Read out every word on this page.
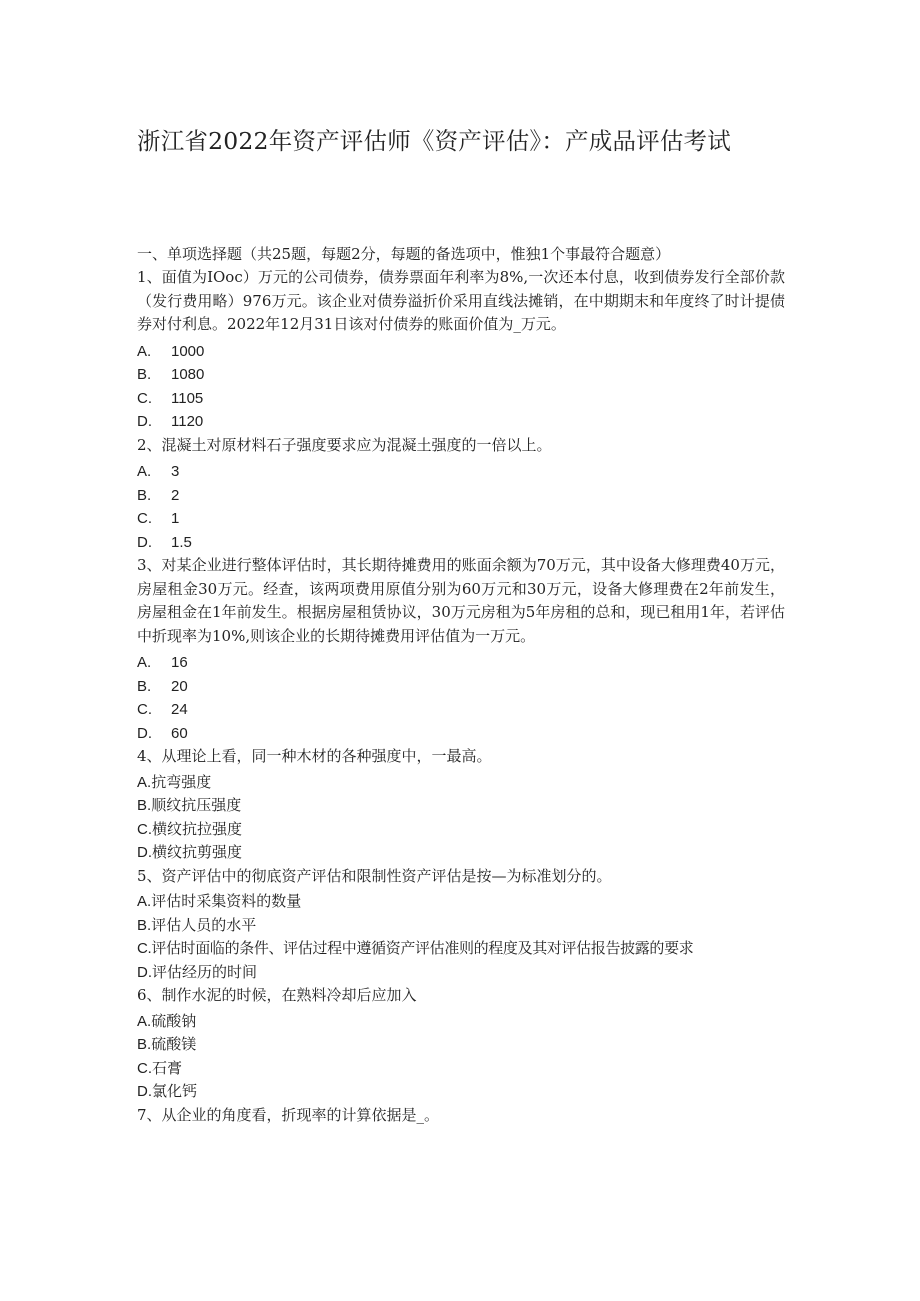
浙江省2022年资产评估师《资产评估》：产成品评估考试
一、单项选择题（共25题，每题2分，每题的备选项中，惟独1个事最符合题意）

1、面值为IOoc）万元的公司债券，债券票面年利率为8%,一次还本付息，收到债券发行全部价款（发行费用略）976万元。该企业对债券溢折价采用直线法摊销，在中期期末和年度终了时计提债券对付利息。2022年12月31日该对付债券的账面价值为_万元。

A. 1000
B. 1080
C. 1105
D. 1120

2、混凝土对原材料石子强度要求应为混凝土强度的一倍以上。

A. 3
B. 2
C. 1
D. 1.5

3、对某企业进行整体评估时，其长期待摊费用的账面余额为70万元，其中设备大修理费40万元，房屋租金30万元。经查，该两项费用原值分别为60万元和30万元，设备大修理费在2年前发生，房屋租金在1年前发生。根据房屋租赁协议，30万元房租为5年房租的总和，现已租用1年，若评估中折现率为10%,则该企业的长期待摊费用评估值为一万元。

A. 16
B. 20
C. 24
D. 60

4、从理论上看，同一种木材的各种强度中，一最高。

A.抗弯强度
B.顺纹抗压强度
C.横纹抗拉强度
D.横纹抗剪强度

5、资产评估中的彻底资产评估和限制性资产评估是按—为标准划分的。

A.评估时采集资料的数量
B.评估人员的水平
C.评估时面临的条件、评估过程中遵循资产评估准则的程度及其对评估报告披露的要求
D.评估经历的时间

6、制作水泥的时候，在熟料冷却后应加入

A.硫酸钠
B.硫酸镁
C.石膏
D.氯化钙

7、从企业的角度看，折现率的计算依据是_。
